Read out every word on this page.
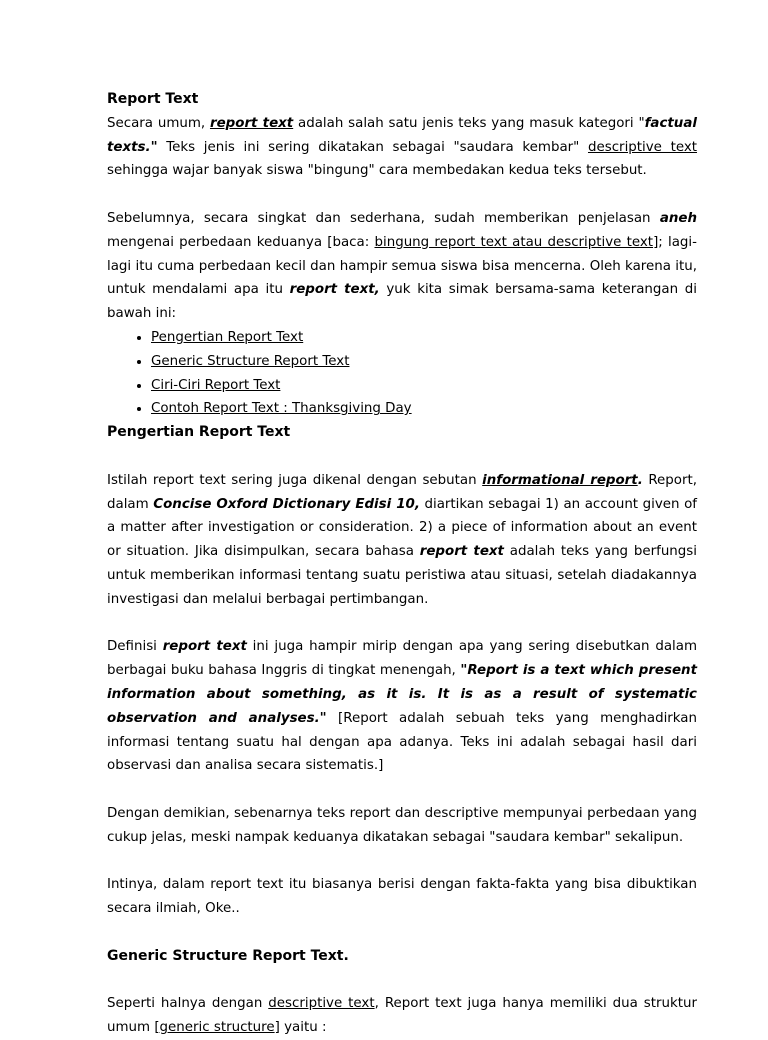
Report Text

Secara umum, report text adalah salah satu jenis teks yang masuk kategori "factual texts." Teks jenis ini sering dikatakan sebagai "saudara kembar" descriptive text sehingga wajar banyak siswa "bingung" cara membedakan kedua teks tersebut.

Sebelumnya, secara singkat dan sederhana, sudah memberikan penjelasan aneh mengenai perbedaan keduanya [baca: bingung report text atau descriptive text]; lagi-lagi itu cuma perbedaan kecil dan hampir semua siswa bisa mencerna. Oleh karena itu, untuk mendalami apa itu report text, yuk kita simak bersama-sama keterangan di bawah ini:

• Pengertian Report Text
• Generic Structure Report Text
• Ciri-Ciri Report Text
• Contoh Report Text : Thanksgiving Day
Pengertian Report Text

Istilah report text sering juga dikenal dengan sebutan informational report. Report, dalam Concise Oxford Dictionary Edisi 10, diartikan sebagai 1) an account given of a matter after investigation or consideration. 2) a piece of information about an event or situation. Jika disimpulkan, secara bahasa report text adalah teks yang berfungsi untuk memberikan informasi tentang suatu peristiwa atau situasi, setelah diadakannya investigasi dan melalui berbagai pertimbangan.

Definisi report text ini juga hampir mirip dengan apa yang sering disebutkan dalam berbagai buku bahasa Inggris di tingkat menengah, "Report is a text which present information about something, as it is. It is as a result of systematic observation and analyses." [Report adalah sebuah teks yang menghadirkan informasi tentang suatu hal dengan apa adanya. Teks ini adalah sebagai hasil dari observasi dan analisa secara sistematis.]

Dengan demikian, sebenarnya teks report dan descriptive mempunyai perbedaan yang cukup jelas, meski nampak keduanya dikatakan sebagai "saudara kembar" sekalipun.

Intinya, dalam report text itu biasanya berisi dengan fakta-fakta yang bisa dibuktikan secara ilmiah, Oke..

Generic Structure Report Text.

Seperti halnya dengan descriptive text, Report text juga hanya memiliki dua struktur umum [generic structure] yaitu :
